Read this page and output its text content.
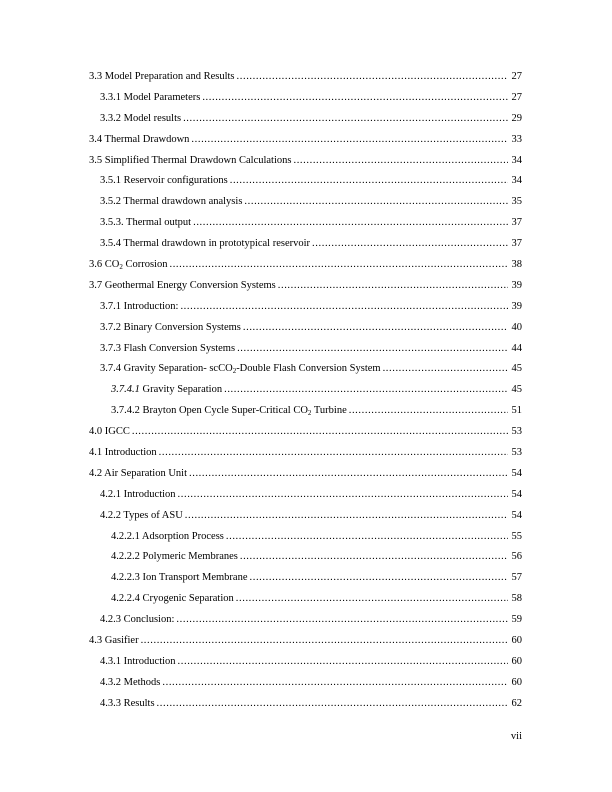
3.3 Model Preparation and Results .....	27
3.3.1 Model Parameters .....	27
3.3.2 Model results .....	29
3.4 Thermal Drawdown .....	33
3.5 Simplified Thermal Drawdown Calculations .....	34
3.5.1 Reservoir configurations .....	34
3.5.2 Thermal drawdown analysis .....	35
3.5.3. Thermal output .....	37
3.5.4 Thermal drawdown in prototypical reservoir .....	37
3.6 $CO_2$ Corrosion .....	38
3.7 Geothermal Energy Conversion Systems .....	39
3.7.1 Introduction: .....	39
3.7.2 Binary Conversion Systems .....	40
3.7.3 Flash Conversion Systems .....	44
3.7.4 Gravity Separation- scCO$_2$-Double Flash Conversion System .....	45
3.7.4.1 Gravity Separation .....	45
3.7.4.2 Brayton Open Cycle Super-Critical $CO_2$ Turbine .....	51
4.0 IGCC .....	53
4.1 Introduction .....	53
4.2 Air Separation Unit .....	54
4.2.1 Introduction .....	54
4.2.2 Types of ASU .....	54
4.2.2.1 Adsorption Process .....	55
4.2.2.2 Polymeric Membranes .....	56
4.2.2.3 Ion Transport Membrane .....	57
4.2.2.4 Cryogenic Separation .....	58
4.2.3 Conclusion: .....	59
4.3 Gasifier .....	60
4.3.1 Introduction .....	60
4.3.2 Methods .....	60
4.3.3 Results .....	62
vii
